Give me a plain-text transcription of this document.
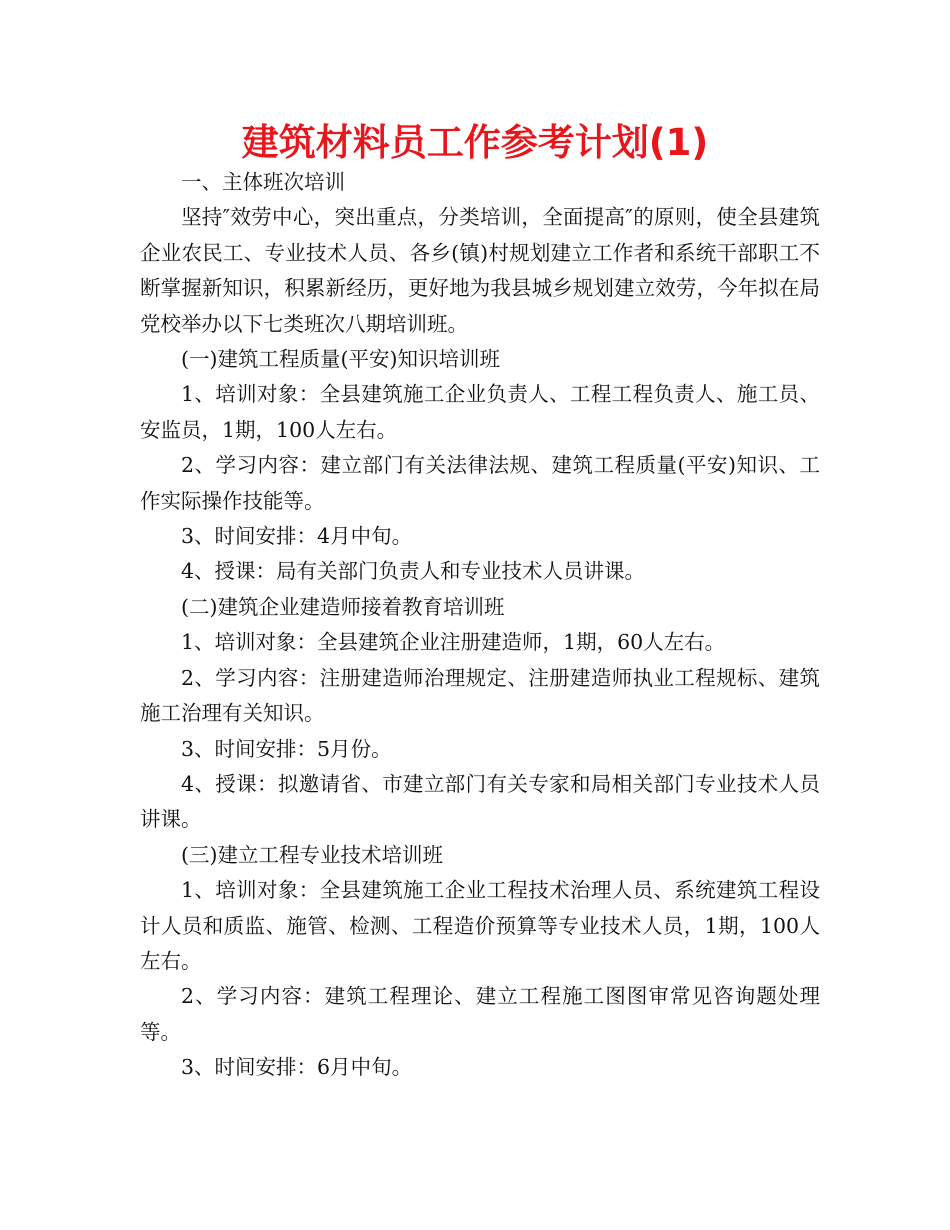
建筑材料员工作参考计划(1)

一、主体班次培训

坚持″效劳中心，突出重点，分类培训，全面提高″的原则，使全县建筑企业农民工、专业技术人员、各乡(镇)村规划建立工作者和系统干部职工不断掌握新知识，积累新经历，更好地为我县城乡规划建立效劳，今年拟在局党校举办以下七类班次八期培训班。

(一)建筑工程质量(平安)知识培训班

1、培训对象：全县建筑施工企业负责人、工程工程负责人、施工员、安监员，1期，100人左右。

2、学习内容：建立部门有关法律法规、建筑工程质量(平安)知识、工作实际操作技能等。

3、时间安排：4月中旬。

4、授课：局有关部门负责人和专业技术人员讲课。

(二)建筑企业建造师接着教育培训班

1、培训对象：全县建筑企业注册建造师，1期，60人左右。

2、学习内容：注册建造师治理规定、注册建造师执业工程规标、建筑施工治理有关知识。

3、时间安排：5月份。

4、授课：拟邀请省、市建立部门有关专家和局相关部门专业技术人员讲课。

(三)建立工程专业技术培训班

1、培训对象：全县建筑施工企业工程技术治理人员、系统建筑工程设计人员和质监、施管、检测、工程造价预算等专业技术人员，1期，100人左右。

2、学习内容：建筑工程理论、建立工程施工图图审常见咨询题处理等。

3、时间安排：6月中旬。
